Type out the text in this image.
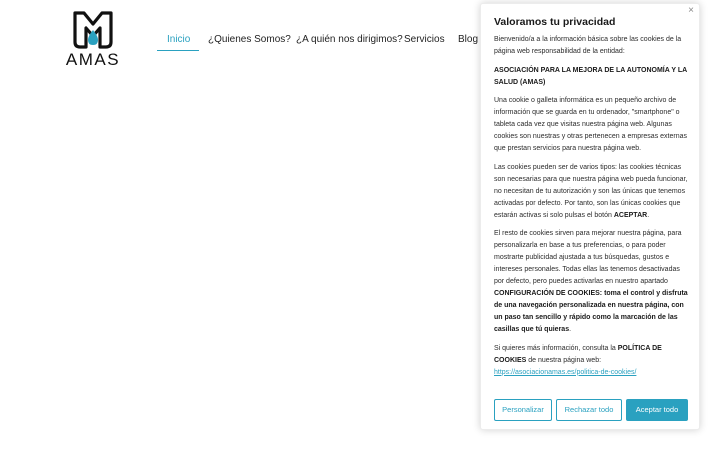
AMAS
Inicio ¿Quienes Somos? ¿A quién nos dirigimos? Servicios Blog
×
Valoramos tu privacidad

Bienvenido/a a la información básica sobre las cookies de la página web responsabilidad de la entidad:

ASOCIACIÓN PARA LA MEJORA DE LA AUTONOMÍA Y LA SALUD (AMAS)

Una cookie o galleta informática es un pequeño archivo de información que se guarda en tu ordenador, "smartphone" o tableta cada vez que visitas nuestra página web. Algunas cookies son nuestras y otras pertenecen a empresas externas que prestan servicios para nuestra página web.

Las cookies pueden ser de varios tipos: las cookies técnicas son necesarias para que nuestra página web pueda funcionar, no necesitan de tu autorización y son las únicas que tenemos activadas por defecto. Por tanto, son las únicas cookies que estarán activas si solo pulsas el botón ACEPTAR.

El resto de cookies sirven para mejorar nuestra página, para personalizarla en base a tus preferencias, o para poder mostrarte publicidad ajustada a tus búsquedas, gustos e intereses personales. Todas ellas las tenemos desactivadas por defecto, pero puedes activarlas en nuestro apartado CONFIGURACIÓN DE COOKIES: toma el control y disfruta de una navegación personalizada en nuestra página, con un paso tan sencillo y rápido como la marcación de las casillas que tú quieras.

Si quieres más información, consulta la POLÍTICA DE COOKIES de nuestra página web: https://asociacionamas.es/politica-de-cookies/

Personalizar	Rechazar todo	Aceptar todo
